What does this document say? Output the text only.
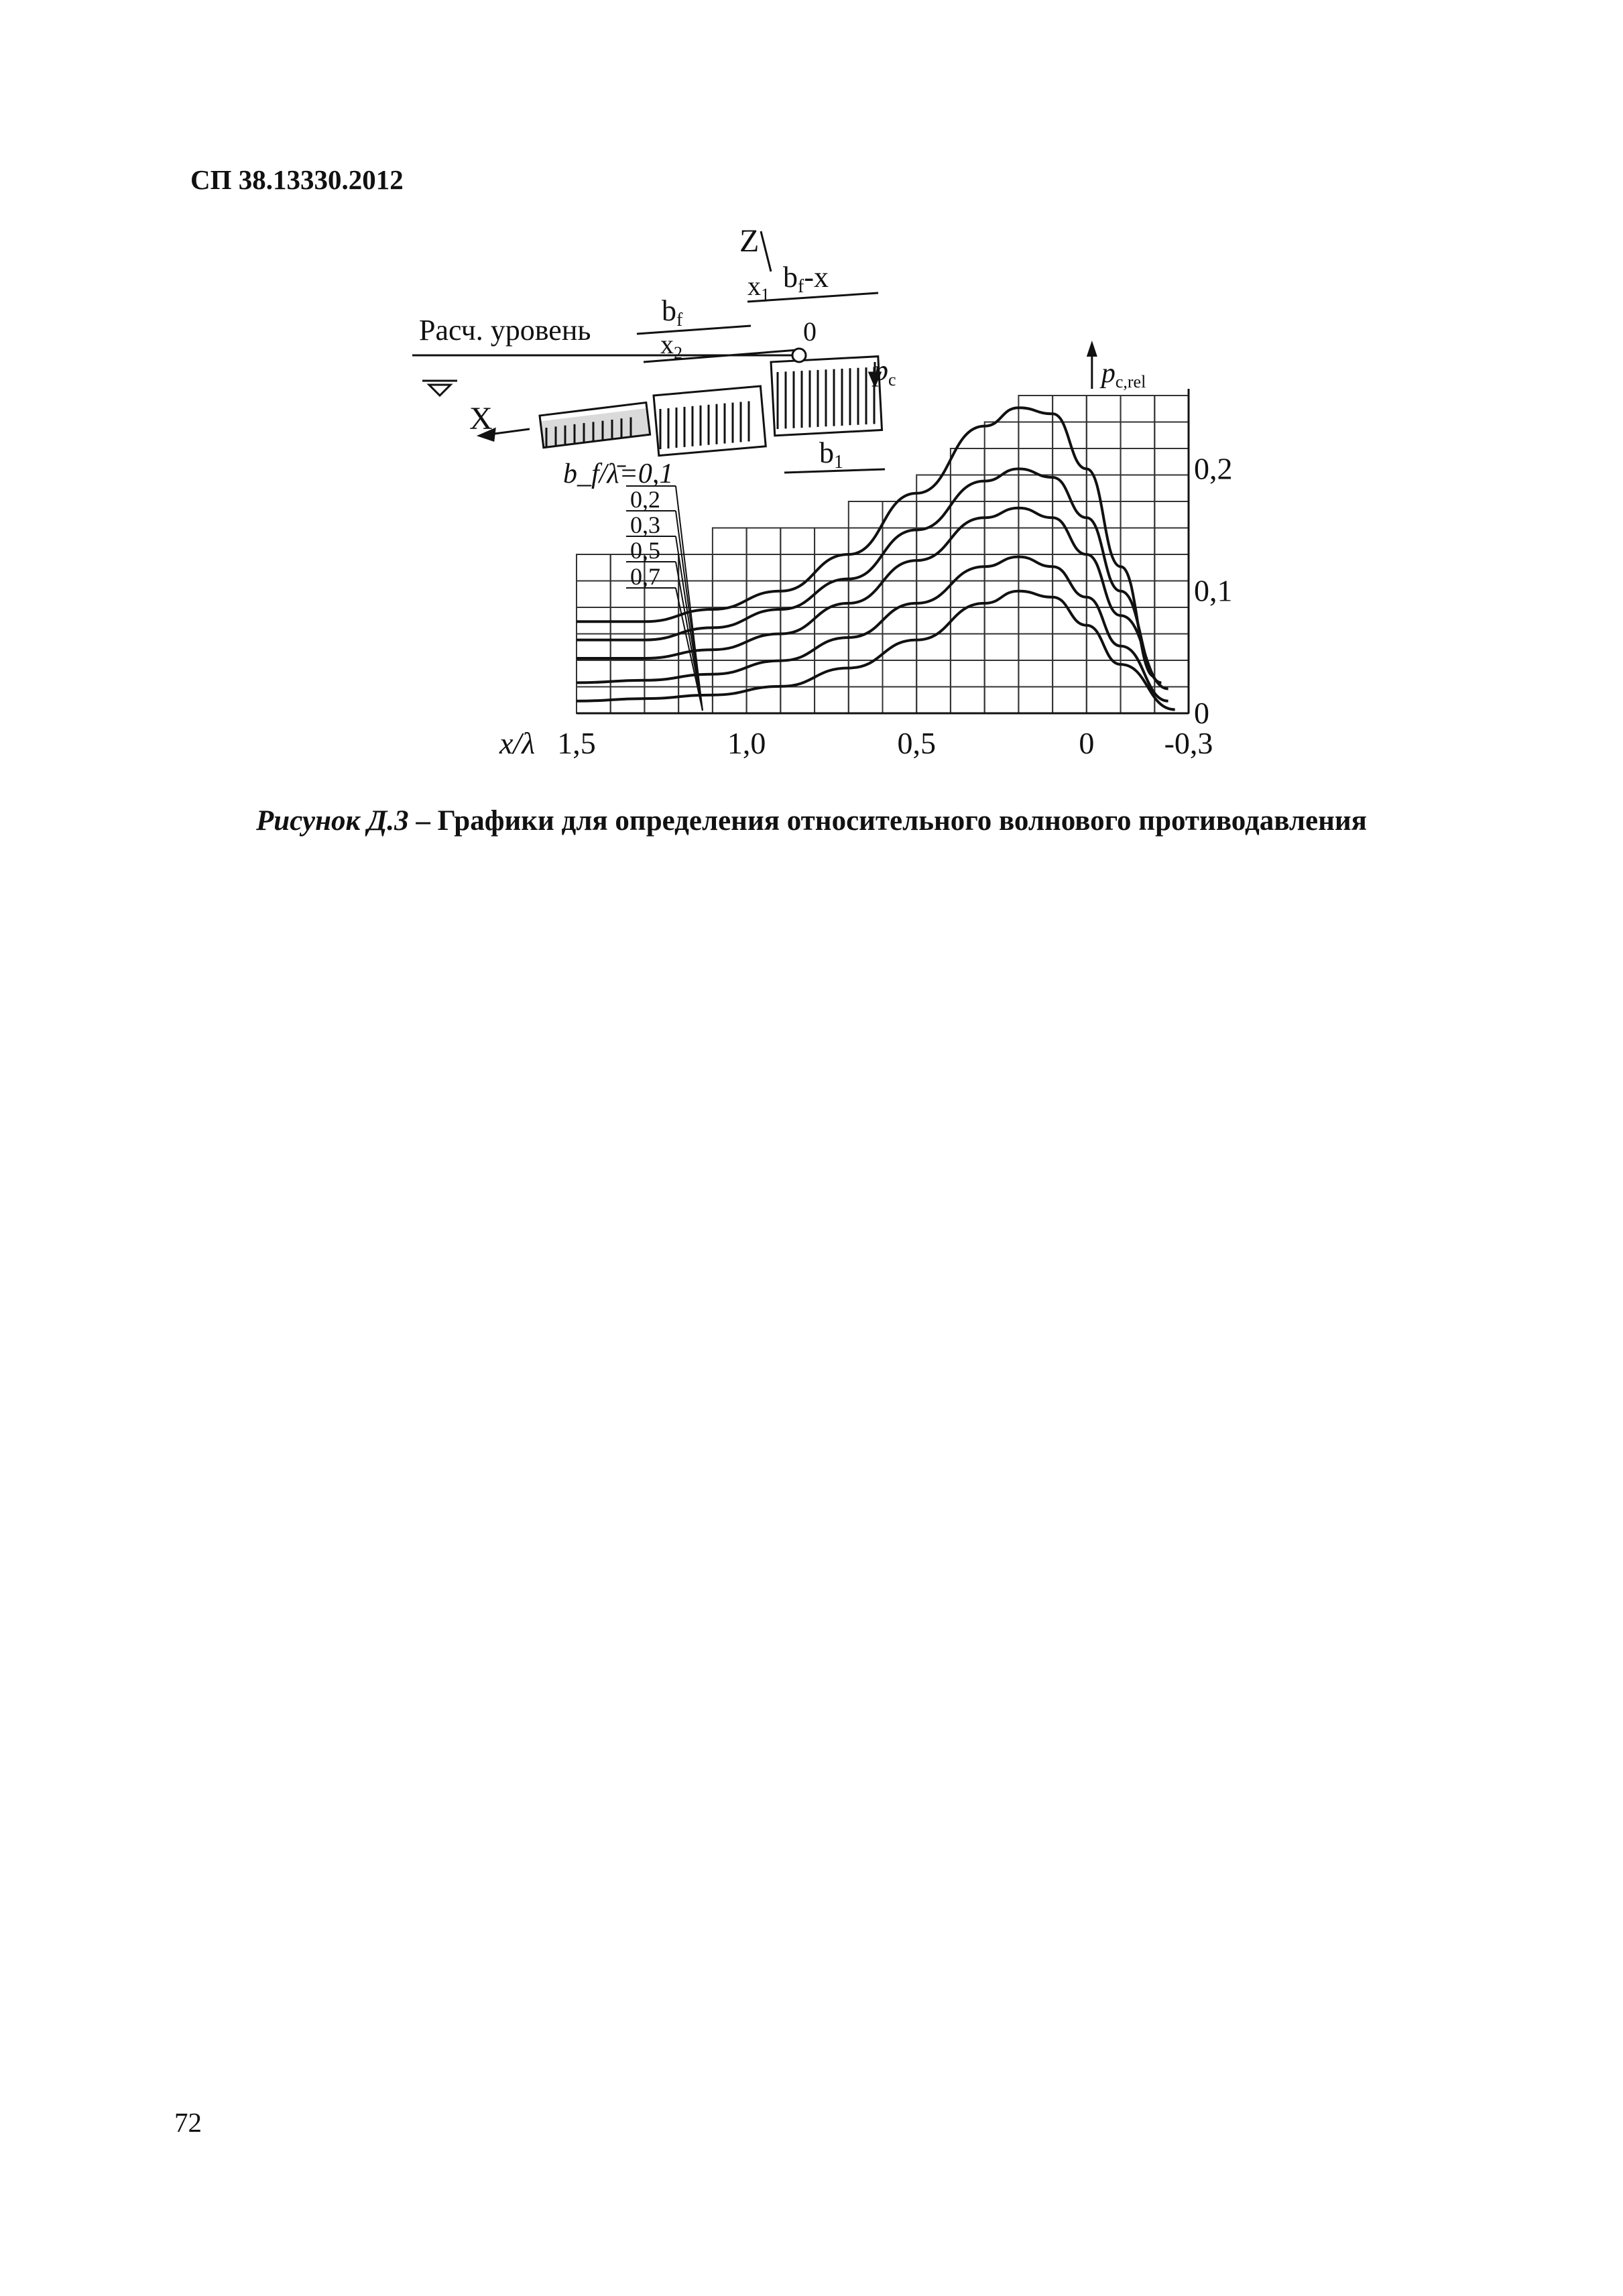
СП 38.13330.2012
Расч. уровень
Z
X
bf
$x_2$
$x_1$
bf-x
0
b1
pc
b_f/λ̄=0,1
0,2
0,3
0,5
0,7
1,5	1,0	0,5	0 -0,3
x/λ
0
0,1
0,2
pc,rel
Рисунок Д.3 – Графики для определения относительного волнового противодавления
72
